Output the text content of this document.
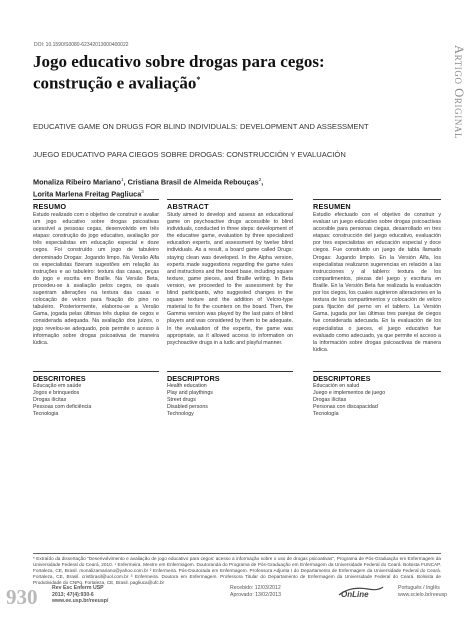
DOI: 10.1590/S0080-62342013000400022	Artigo Original
Jogo educativo sobre drogas para cegos: construção e avaliação*
EDUCATIVE GAME ON DRUGS FOR BLIND INDIVIDUALS: DEVELOPMENT AND ASSESSMENT
JUEGO EDUCATIVO PARA CIEGOS SOBRE DROGAS: CONSTRUCCIÓN Y EVALUACIÓN
Monaliza Ribeiro Mariano$^1$, Cristiana Brasil de Almeida Rebouças$^2$,
Lorita Marlena Freitag Pagliuca$^3$
RESUMO
Estudo realizado com o objetivo de construir e avaliar um jogo educativo sobre drogas psicoativas acessível a pessoas cegas, desenvolvido em três etapas: construção do jogo educativo, avaliação por três especialistas em educação especial e doze cegos. Foi construído um jogo de tabuleiro denominado Drogas: Jogando limpo. Na Versão Alfa os especialistas fizeram sugestões em relação às instruções e ao tabuleiro: textura das casas, peças do jogo e escrita em Braille. Na Versão Beta, procedeu-se à avaliação pelos cegos, os quais sugeriram alterações na textura das casas e colocação de velcro para fixação do pino no tabuleiro. Posteriormente, elaborou-se a Versão Gama, jogada pelas últimas três duplas de cegos e considerada adequada. Na avaliação dos juízes, o jogo revelou-se adequado, pois permite o acesso à informação sobre drogas psicoativas de maneira lúdica.
DESCRITORES
Educação em saúde
Jogos e brinquedos
Drogas ilícitas
Pessoas com deficiência
Tecnologia
ABSTRACT
Study aimed to develop and assess an educational game on psychoactive drugs accessible to blind individuals, conducted in three steps: development of the educative game, evaluation by three specialized education experts, and assessment by twelve blind individuals. As a result, a board game called Drugs: staying clean was developed. In the Alpha version, experts made suggestions regarding the game rules and instructions and the board base, including square texture, game pieces, and Braille writing. In Beta version, we proceeded to the assessment by the blind participants, who suggested changes in the square texture and the addition of Velcro-type material to fix the counters on the board. Then, the Gamma version was played by the last pairs of blind players and was considered by them to be adequate. In the evaluation of the experts, the game was appropriate, as it allowed access to information on psychoactive drugs in a ludic and playful manner.
DESCRIPTORS
Health education
Play and playthings
Street drugs
Disabled persons
Technology
RESUMEN
Estudio efectuado con el objetivo de construir y evaluar un juego educativo sobre drogas psicoactivas accesible para personas ciegas, desarrollado en tres etapas: construcción del juego educativo, evaluación por tres especialistas en educación especial y doce ciegos. Fue construido un juego de tabla llamado Drogas: Jugando limpio. En la Versión Alfa, los especialistas realizaron sugerencias en relación a las instrucciones y al tablero: textura de los compartimentos, piezas del juego y escritura en Braille. En la Versión Beta fue realizada la evaluación por los ciegos, los cuales sugirieron alteraciones en la textura de los compartimentos y colocación de velcro para fijación del perno en el tablero. La Versión Gama, jugada por las últimas tres parejas de ciegos fue considerada adecuada. En la evaluación de los especialistas o jueces, el juego educativo fue evaluado como adecuado, ya que permite el acceso a la información sobre drogas psicoactivas de manera lúdica.
DESCRIPTORES
Educación en salud
Juego e implementos de juego
Drogas ilícitas
Personas con discapacidad
Tecnología
* Extraído da dissertação "Desenvolvimento e avaliação de jogo educativo para cegos: acesso a informação sobre o uso de drogas psicoativas", Programa de Pós-Graduação em Enfermagem da Universidade Federal do Ceará, 2010. ¹ Enfermeira. Mestre em Enfermagem. Doutoranda do Programa de Pós-Graduação em Enfermagem da Universidade Federal do Ceará. Bolsista FUNCAP. Fortaleza, CE, Brasil. monalizamariano@yahoo.com.br ² Enfermeira. Pós-Doutorada em Enfermagem. Professora Adjunta I do Departamento de Enfermagem da Universidade Federal do Ceará. Fortaleza, CE, Brasil. cristbrasil@uol.com.br ³ Enfermeira. Doutora em Enfermagem. Professora Titular do Departamento de Enfermagem da Universidade Federal do Ceará. Bolsista de Produtividade do CNPq. Fortaleza, CE, Brasil. pagliuca@ufc.br
930	Rev Esc Enferm USP
2013; 47(4):930-6
www.ee.usp.br/reeusp/
Recebido: 12/03/2012
Aprovado: 13/02/2013	OnLine
Português / Inglês
www.scielo.br/reeusp
